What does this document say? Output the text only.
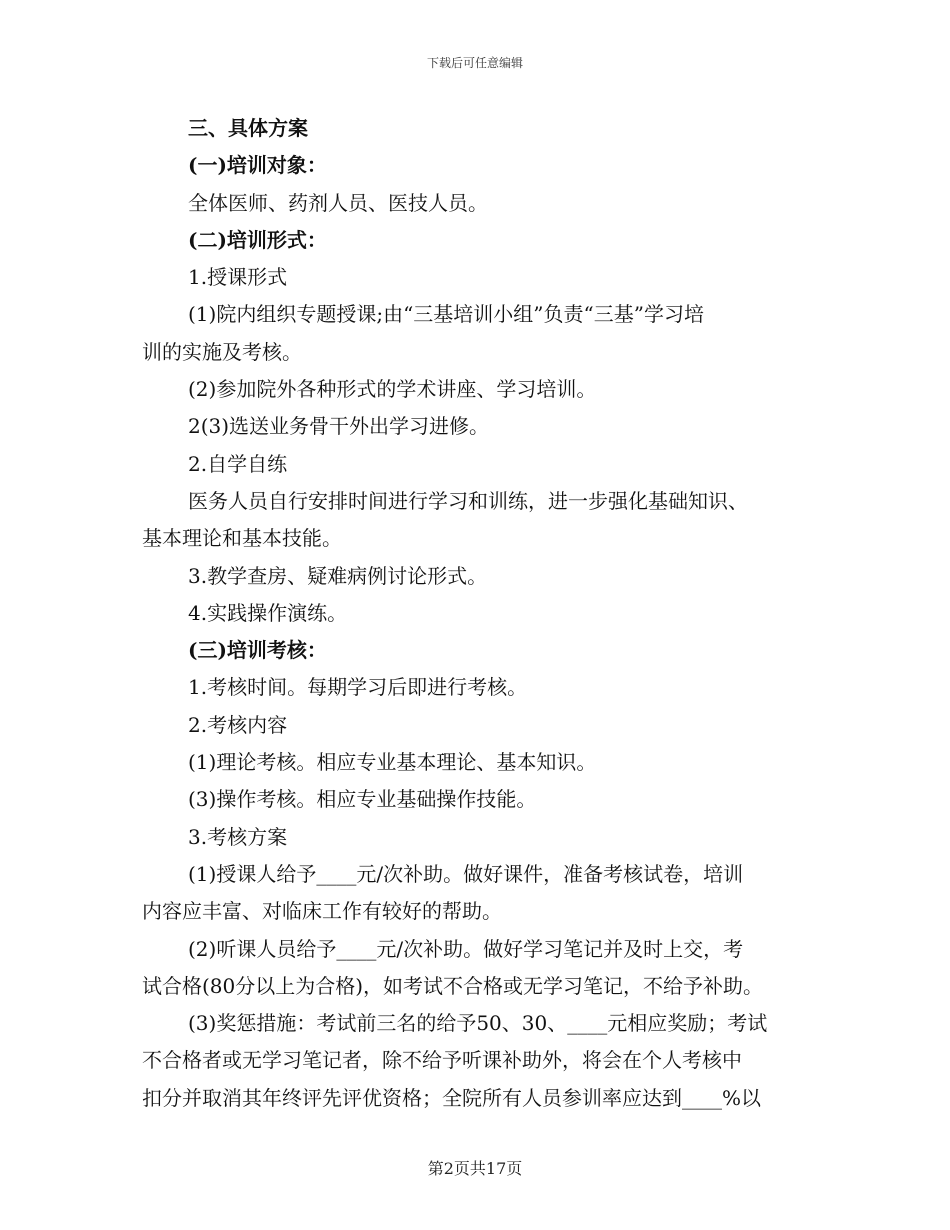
下载后可任意编辑
三、具体方案
(一)培训对象：
全体医师、药剂人员、医技人员。
(二)培训形式：
1.授课形式
(1)院内组织专题授课;由“三基培训小组”负责“三基”学习培
训的实施及考核。
(2)参加院外各种形式的学术讲座、学习培训。
2(3)选送业务骨干外出学习进修。
2.自学自练
医务人员自行安排时间进行学习和训练，进一步强化基础知识、
基本理论和基本技能。
3.教学查房、疑难病例讨论形式。
4.实践操作演练。
(三)培训考核：
1.考核时间。每期学习后即进行考核。
2.考核内容
(1)理论考核。相应专业基本理论、基本知识。
(3)操作考核。相应专业基础操作技能。
3.考核方案
(1)授课人给予____元/次补助。做好课件，准备考核试卷，培训
内容应丰富、对临床工作有较好的帮助。
(2)听课人员给予____元/次补助。做好学习笔记并及时上交，考
试合格(80分以上为合格)，如考试不合格或无学习笔记，不给予补助。
(3)奖惩措施：考试前三名的给予50、30、____元相应奖励；考试
不合格者或无学习笔记者，除不给予听课补助外，将会在个人考核中
扣分并取消其年终评先评优资格；全院所有人员参训率应达到____%以
第2页共17页
